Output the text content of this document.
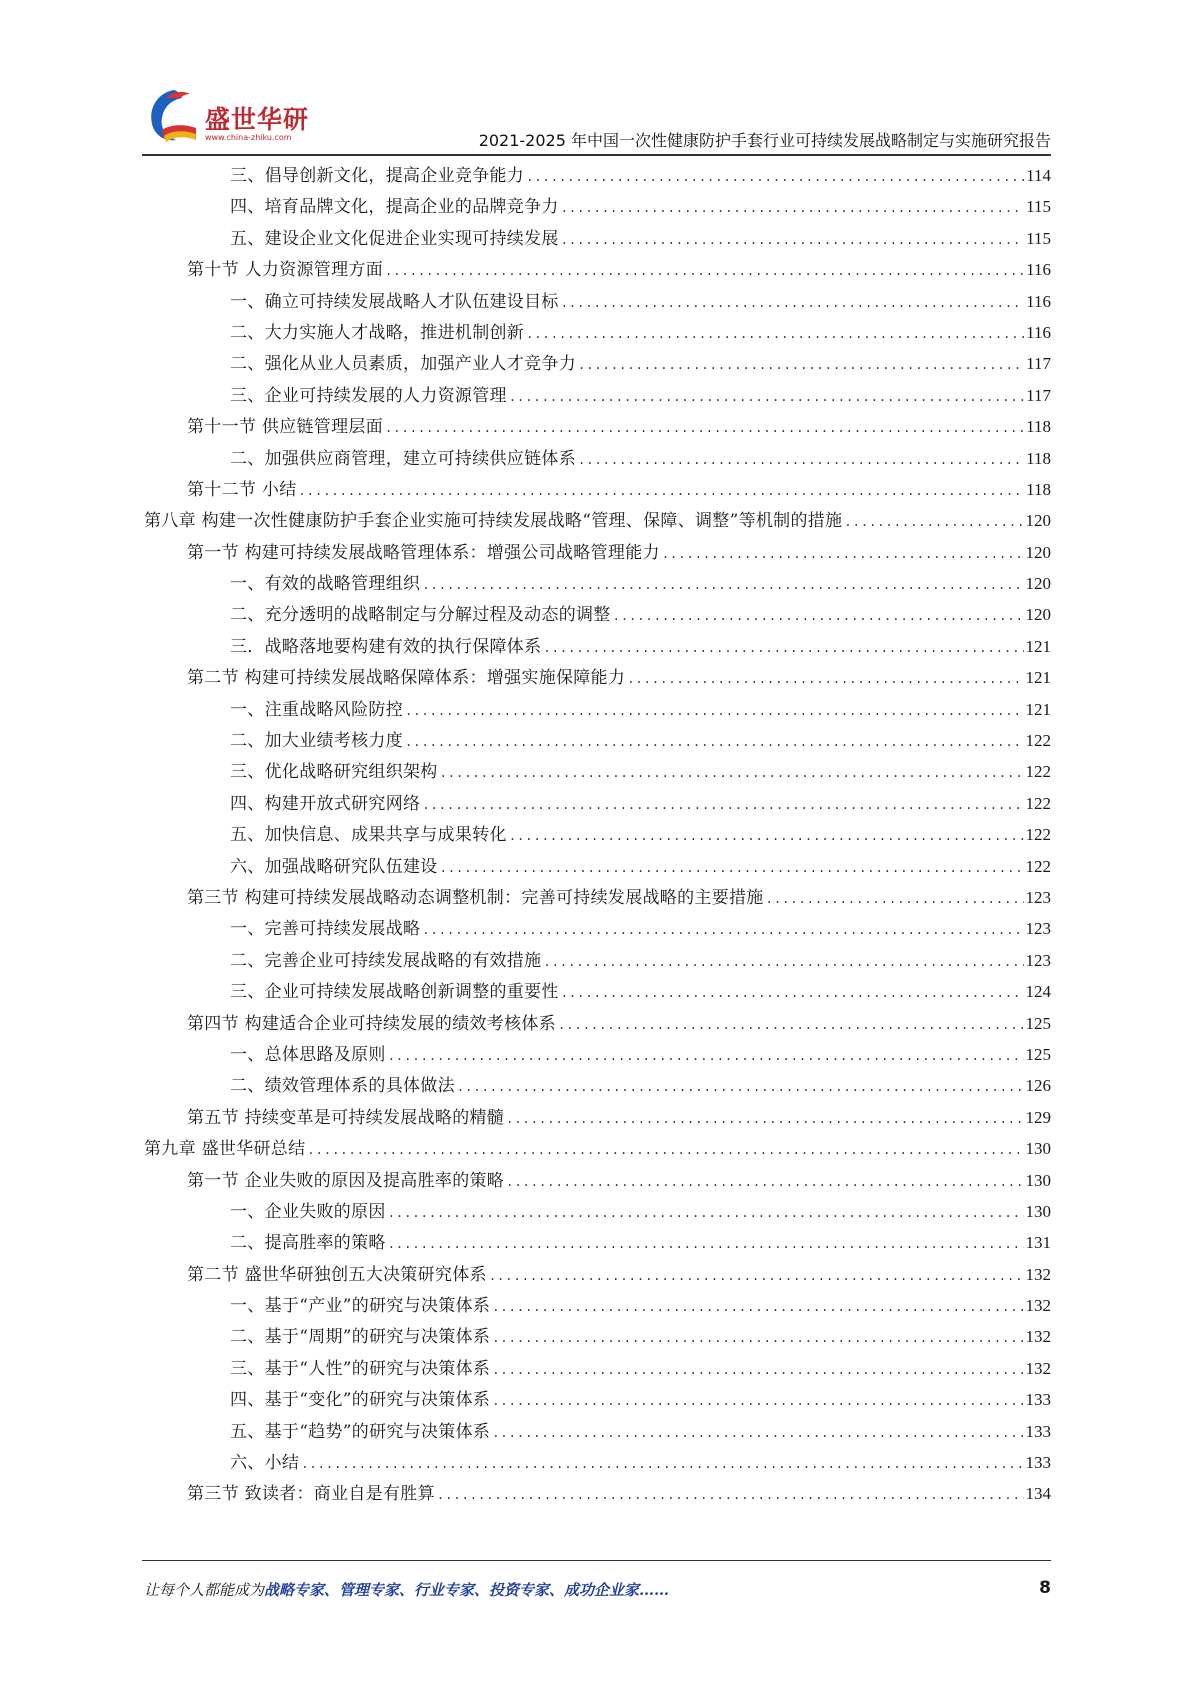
盛世华研
www.china-zhiku.com	2021-2025 年中国一次性健康防护手套行业可持续发展战略制定与实施研究报告
三、倡导创新文化，提高企业竞争能力 .....	114
四、培育品牌文化，提高企业的品牌竞争力 .....	115
五、建设企业文化促进企业实现可持续发展 .....	115
第十节 人力资源管理方面 .....	116
一、确立可持续发展战略人才队伍建设目标 .....	116
二、大力实施人才战略，推进机制创新 .....	116
二、强化从业人员素质，加强产业人才竞争力 .....	117
三、企业可持续发展的人力资源管理 .....	117
第十一节 供应链管理层面 .....	118
二、加强供应商管理，建立可持续供应链体系 .....	118
第十二节 小结 .....	118
第八章 构建一次性健康防护手套企业实施可持续发展战略“管理、保障、调整”等机制的措施 .....	120
第一节 构建可持续发展战略管理体系：增强公司战略管理能力 .....	120
一、有效的战略管理组织 .....	120
二、充分透明的战略制定与分解过程及动态的调整 .....	120
三．战略落地要构建有效的执行保障体系 .....	121
第二节 构建可持续发展战略保障体系：增强实施保障能力 .....	121
一、注重战略风险防控 .....	121
二、加大业绩考核力度 .....	122
三、优化战略研究组织架构 .....	122
四、构建开放式研究网络 .....	122
五、加快信息、成果共享与成果转化 .....	122
六、加强战略研究队伍建设 .....	122
第三节 构建可持续发展战略动态调整机制：完善可持续发展战略的主要措施 .....	123
一、完善可持续发展战略 .....	123
二、完善企业可持续发展战略的有效措施 .....	123
三、企业可持续发展战略创新调整的重要性 .....	124
第四节 构建适合企业可持续发展的绩效考核体系 .....	125
一、总体思路及原则 .....	125
二、绩效管理体系的具体做法 .....	126
第五节 持续变革是可持续发展战略的精髓 .....	129
第九章 盛世华研总结 .....	130
第一节 企业失败的原因及提高胜率的策略 .....	130
一、企业失败的原因 .....	130
二、提高胜率的策略 .....	131
第二节 盛世华研独创五大决策研究体系 .....	132
一、基于“产业”的研究与决策体系 .....	132
二、基于“周期”的研究与决策体系 .....	132
三、基于“人性”的研究与决策体系 .....	132
四、基于“变化”的研究与决策体系 .....	133
五、基于“趋势”的研究与决策体系 .....	133
六、小结 .....	133
第三节 致读者：商业自是有胜算 .....	134
让每个人都能成为战略专家、管理专家、行业专家、投资专家、成功企业家……	8
